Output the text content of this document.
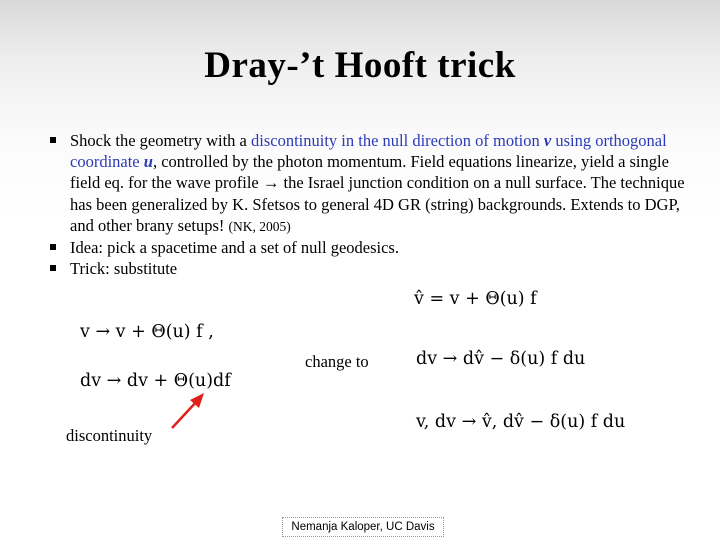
Dray-’t Hooft trick
Shock the geometry with a discontinuity in the null direction of motion v using orthogonal coordinate u, controlled by the photon momentum. Field equations linearize, yield a single field eq. for the wave profile → the Israel junction condition on a null surface. The technique has been generalized by K. Sfetsos to general 4D GR (string) backgrounds. Extends to DGP, and other brany setups! (NK, 2005)
Idea: pick a spacetime and a set of null geodesics.
Trick: substitute
v̂ = v + Θ(u) f
v → v + Θ(u) f ,
dv → dv + Θ(u)df
change to	dv → dv̂ − δ(u) f du
v, dv → v̂, dv̂ − δ(u) f du
discontinuity
Nemanja Kaloper, UC Davis
